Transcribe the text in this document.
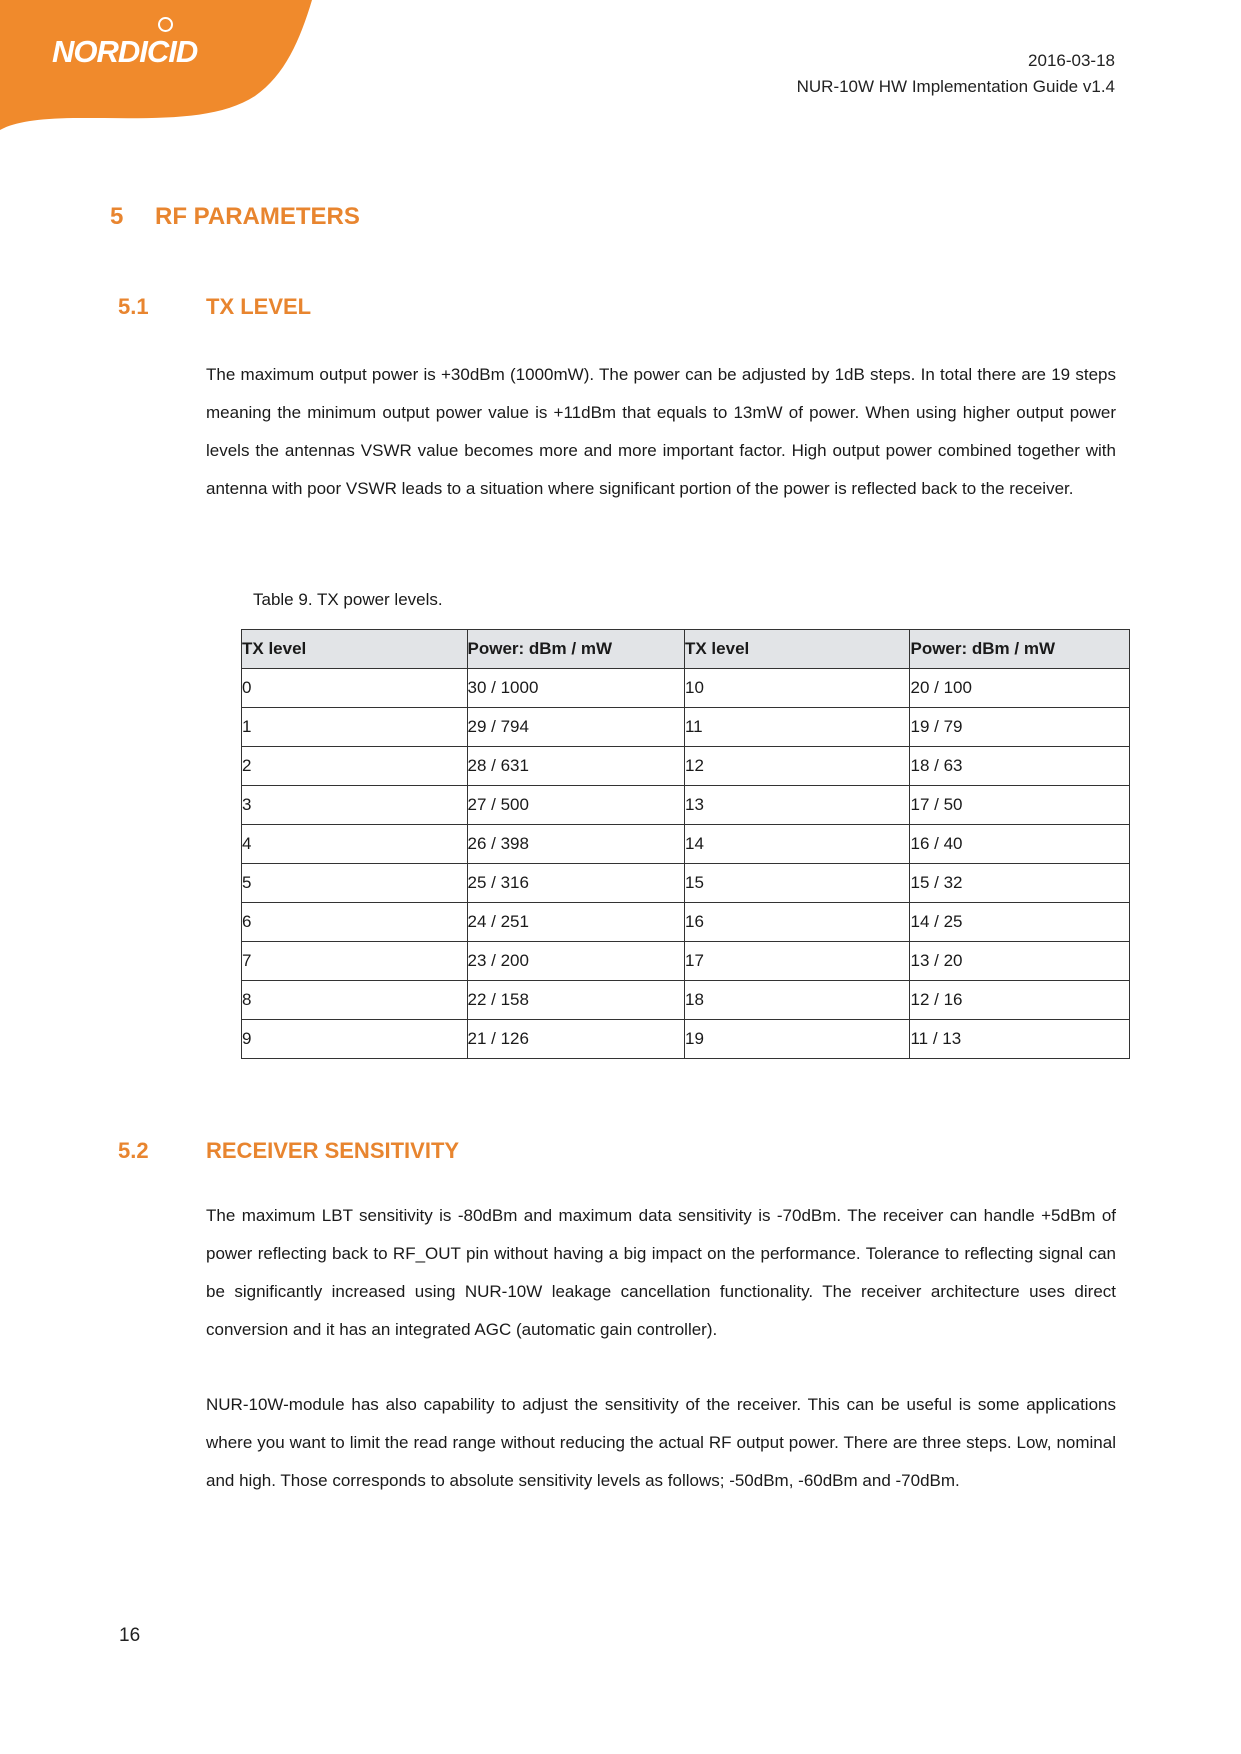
NORDICID	2016-03-18
NUR-10W HW Implementation Guide v1.4
5 RF PARAMETERS
5.1	TX LEVEL

The maximum output power is +30dBm (1000mW). The power can be adjusted by 1dB steps. In total there are 19 steps meaning the minimum output power value is +11dBm that equals to 13mW of power. When using higher output power levels the antennas VSWR value becomes more and more important factor. High output power combined together with antenna with poor VSWR leads to a situation where significant portion of the power is reflected back to the receiver.

Table 9. TX power levels.
TX level	Power: dBm / mW	TX level	Power: dBm / mW
0	30 / 1000	10	20 / 100
1	29 / 794	11	19 / 79
2	28 / 631	12	18 / 63
3	27 / 500	13	17 / 50
4	26 / 398	14	16 / 40
5	25 / 316	15	15 / 32
6	24 / 251	16	14 / 25
7	23 / 200	17	13 / 20
8	22 / 158	18	12 / 16
9	21 / 126	19	11 / 13
5.2	RECEIVER SENSITIVITY

The maximum LBT sensitivity is -80dBm and maximum data sensitivity is -70dBm. The receiver can handle +5dBm of power reflecting back to RF_OUT pin without having a big impact on the performance. Tolerance to reflecting signal can be significantly increased using NUR-10W leakage cancellation functionality. The receiver architecture uses direct conversion and it has an integrated AGC (automatic gain controller).

NUR-10W-module has also capability to adjust the sensitivity of the receiver. This can be useful is some applications where you want to limit the read range without reducing the actual RF output power. There are three steps. Low, nominal and high. Those corresponds to absolute sensitivity levels as follows; -50dBm, -60dBm and -70dBm.

16
